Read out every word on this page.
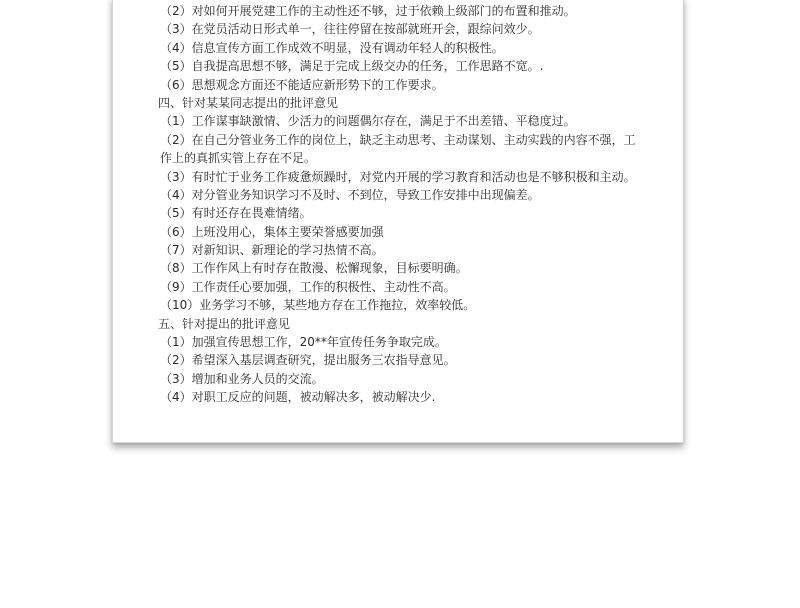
（2）对如何开展党建工作的主动性还不够，过于依赖上级部门的布置和推动。
（3）在党员活动日形式单一，往往停留在按部就班开会，跟综问效少。
（4）信息宣传方面工作成效不明显，没有调动年轻人的积极性。
（5）自我提高思想不够，满足于完成上级交办的任务，工作思路不宽。.
（6）思想观念方面还不能适应新形势下的工作要求。
四、针对某某同志提出的批评意见
（1）工作谋事缺激情、少活力的问题偶尔存在，满足于不出差错、平稳度过。
（2）在自己分管业务工作的岗位上，缺乏主动思考、主动谋划、主动实践的内容不强，工
作上的真抓实管上存在不足。
（3）有时忙于业务工作疲惫烦躁时，对党内开展的学习教育和活动也是不够积极和主动。
（4）对分管业务知识学习不及时、不到位，导致工作安排中出现偏差。
（5）有时还存在畏难情绪。
（6）上班没用心，集体主要荣誉感要加强
（7）对新知识、新理论的学习热情不高。
（8）工作作风上有时存在散漫、松懈现象，目标要明确。
（9）工作责任心要加强，工作的积极性、主动性不高。
（10）业务学习不够，某些地方存在工作拖拉，效率较低。
五、针对提出的批评意见
（1）加强宣传思想工作，20**年宣传任务争取完成。
（2）希望深入基层调查研究，提出服务三农指导意见。
（3）增加和业务人员的交流。
（4）对职工反应的问题，被动解决多，被动解决少.
